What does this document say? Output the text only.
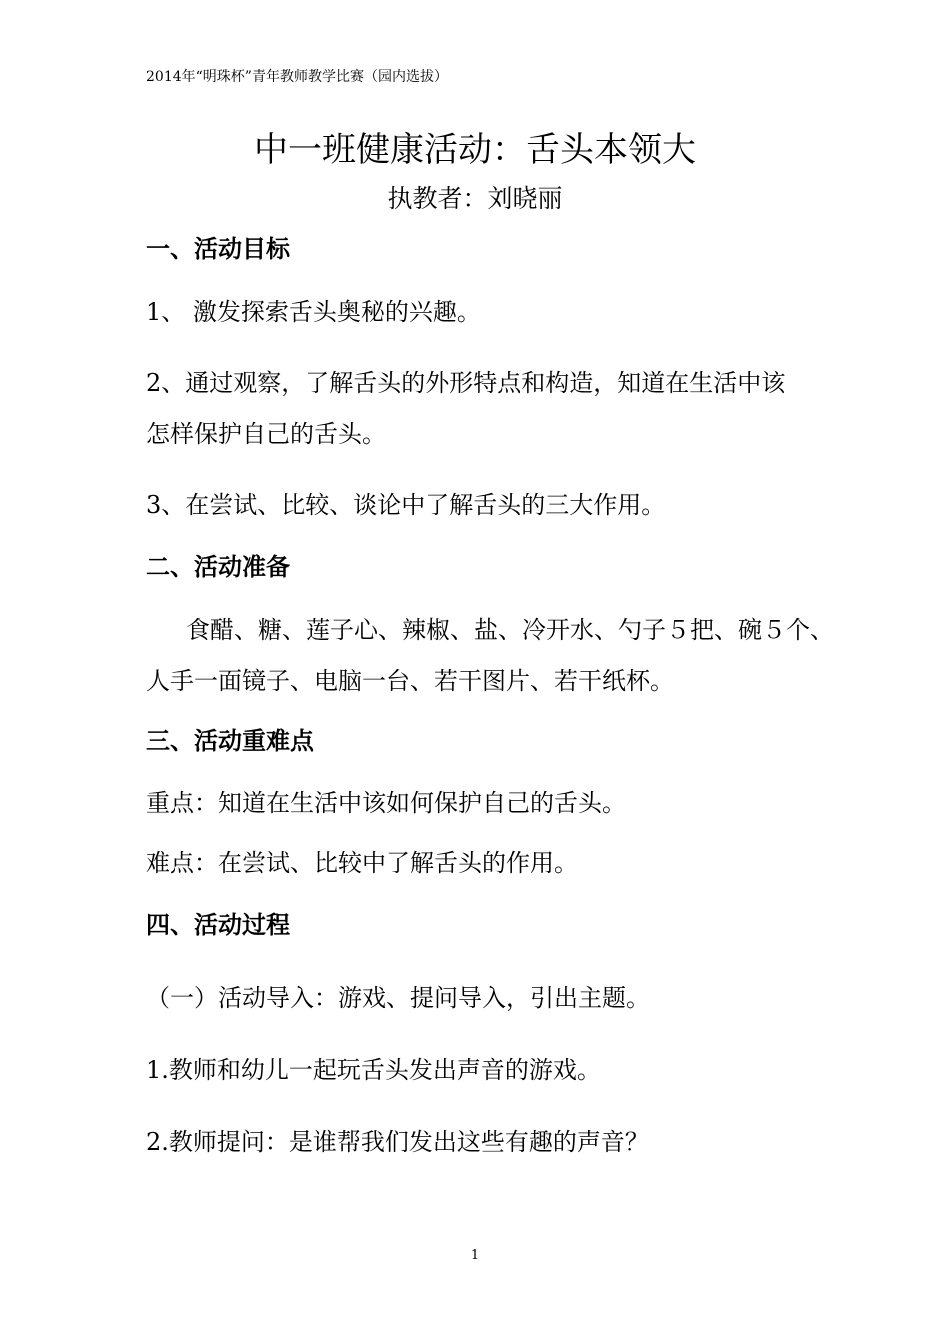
2014年“明珠杯”青年教师教学比赛（园内选拔）
中一班健康活动：舌头本领大
执教者：刘晓丽
一、活动目标
1、 激发探索舌头奥秘的兴趣。
2、通过观察，了解舌头的外形特点和构造，知道在生活中该
怎样保护自己的舌头。
3、在尝试、比较、谈论中了解舌头的三大作用。
二、活动准备
食醋、糖、莲子心、辣椒、盐、冷开水、勺子５把、碗５个、
人手一面镜子、电脑一台、若干图片、若干纸杯。
三、活动重难点
重点：知道在生活中该如何保护自己的舌头。
难点：在尝试、比较中了解舌头的作用。
四、活动过程
（一）活动导入：游戏、提问导入，引出主题。
1.教师和幼儿一起玩舌头发出声音的游戏。
2.教师提问：是谁帮我们发出这些有趣的声音？
1
